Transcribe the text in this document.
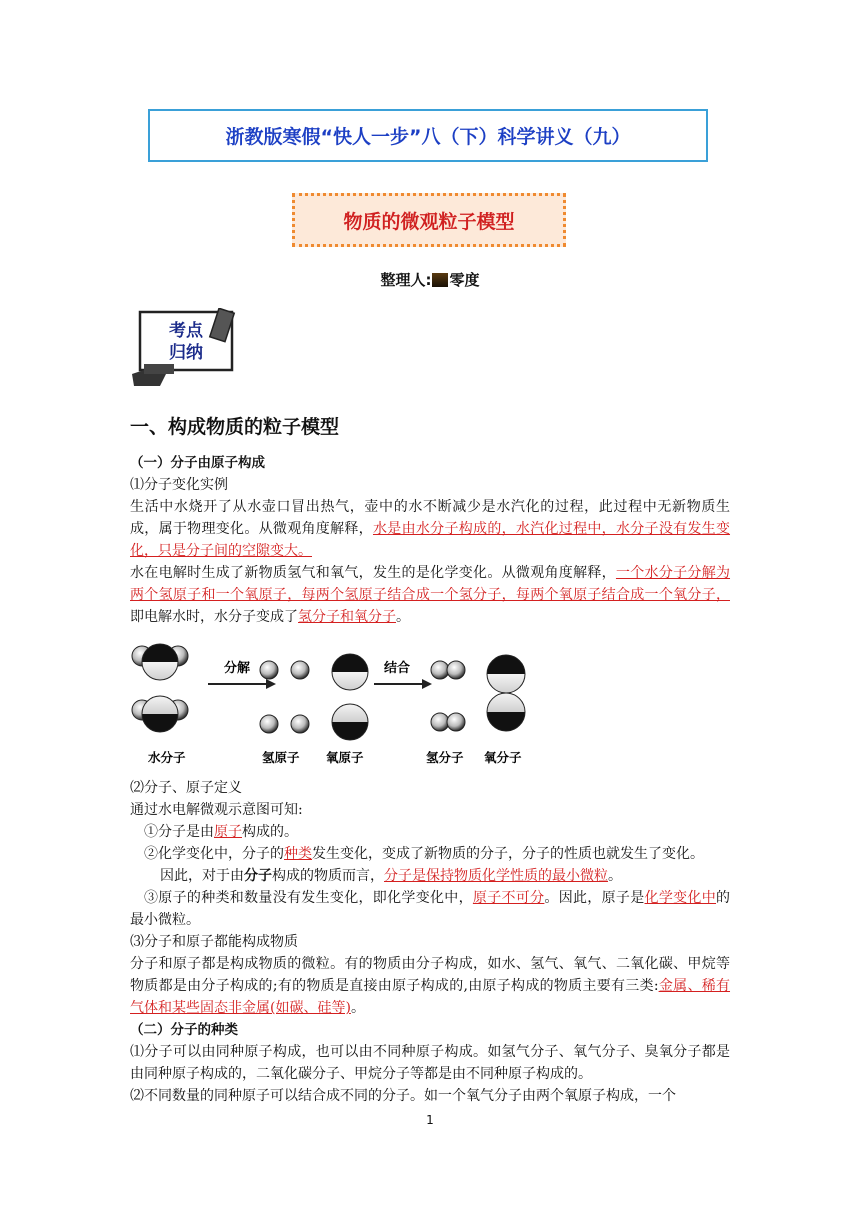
浙教版寒假“快人一步”八（下）科学讲义（九）
物质的微观粒子模型
整理人: 零度
考点
归纳
一、构成物质的粒子模型
（一）分子由原子构成
⑴分子变化实例
生活中水烧开了从水壶口冒出热气，壶中的水不断减少是水汽化的过程，此过程中无新物质生成，属于物理变化。从微观角度解释，水是由水分子构成的，水汽化过程中，水分子没有发生变化，只是分子间的空隙变大。
水在电解时生成了新物质氢气和氧气，发生的是化学变化。从微观角度解释，一个水分子分解为两个氢原子和一个氧原子，每两个氢原子结合成一个氢分子，每两个氧原子结合成一个氧分子，即电解水时，水分子变成了氢分子和氧分子。
分解	结合
水分子	氢原子 氧原子	氢分子 氧分子
⑵分子、原子定义
通过水电解微观示意图可知:
①分子是由原子构成的。
②化学变化中，分子的种类发生变化，变成了新物质的分子，分子的性质也就发生了变化。
因此，对于由分子构成的物质而言，分子是保持物质化学性质的最小微粒。
③原子的种类和数量没有发生变化，即化学变化中，原子不可分。因此，原子是化学变化中的最小微粒。
⑶分子和原子都能构成物质
分子和原子都是构成物质的微粒。有的物质由分子构成，如水、氢气、氧气、二氧化碳、甲烷等物质都是由分子构成的;有的物质是直接由原子构成的,由原子构成的物质主要有三类:金属、稀有气体和某些固态非金属(如碳、硅等)。
（二）分子的种类
⑴分子可以由同种原子构成，也可以由不同种原子构成。如氢气分子、氧气分子、臭氧分子都是由同种原子构成的，二氧化碳分子、甲烷分子等都是由不同种原子构成的。
⑵不同数量的同种原子可以结合成不同的分子。如一个氧气分子由两个氧原子构成，一个
1
